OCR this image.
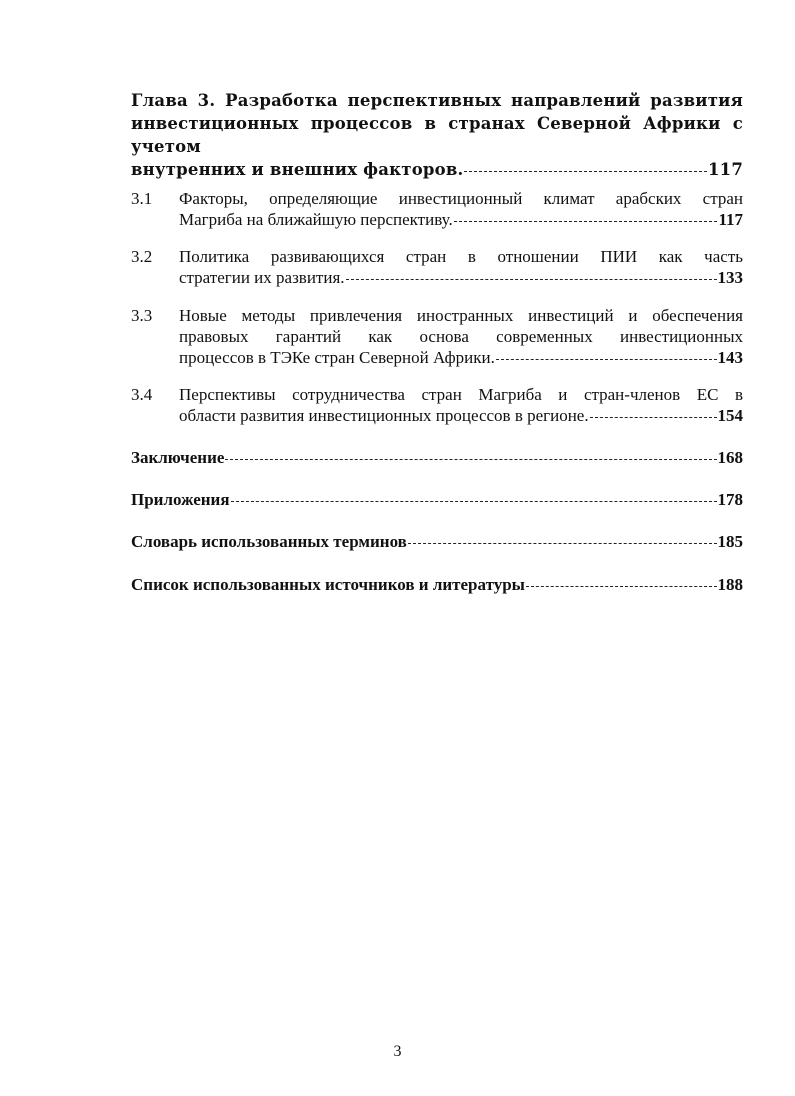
Глава 3. Разработка перспективных направлений развития
инвестиционных процессов в странах Северной Африки с учетом
внутренних и внешних факторов.	117
3.1 Факторы, определяющие инвестиционный климат арабских стран
Магриба на ближайшую перспективу.	117
3.2 Политика развивающихся стран в отношении ПИИ как часть
стратегии их развития.	133
3.3 Новые методы привлечения иностранных инвестиций и обеспечения
правовых гарантий как основа современных инвестиционных
процессов в ТЭКе стран Северной Африки.	143
3.4 Перспективы сотрудничества стран Магриба и стран-членов ЕС в
области развития инвестиционных процессов в регионе.	154
Заключение	168
Приложения	178
Словарь использованных терминов	185
Список использованных источников и литературы	188
3
